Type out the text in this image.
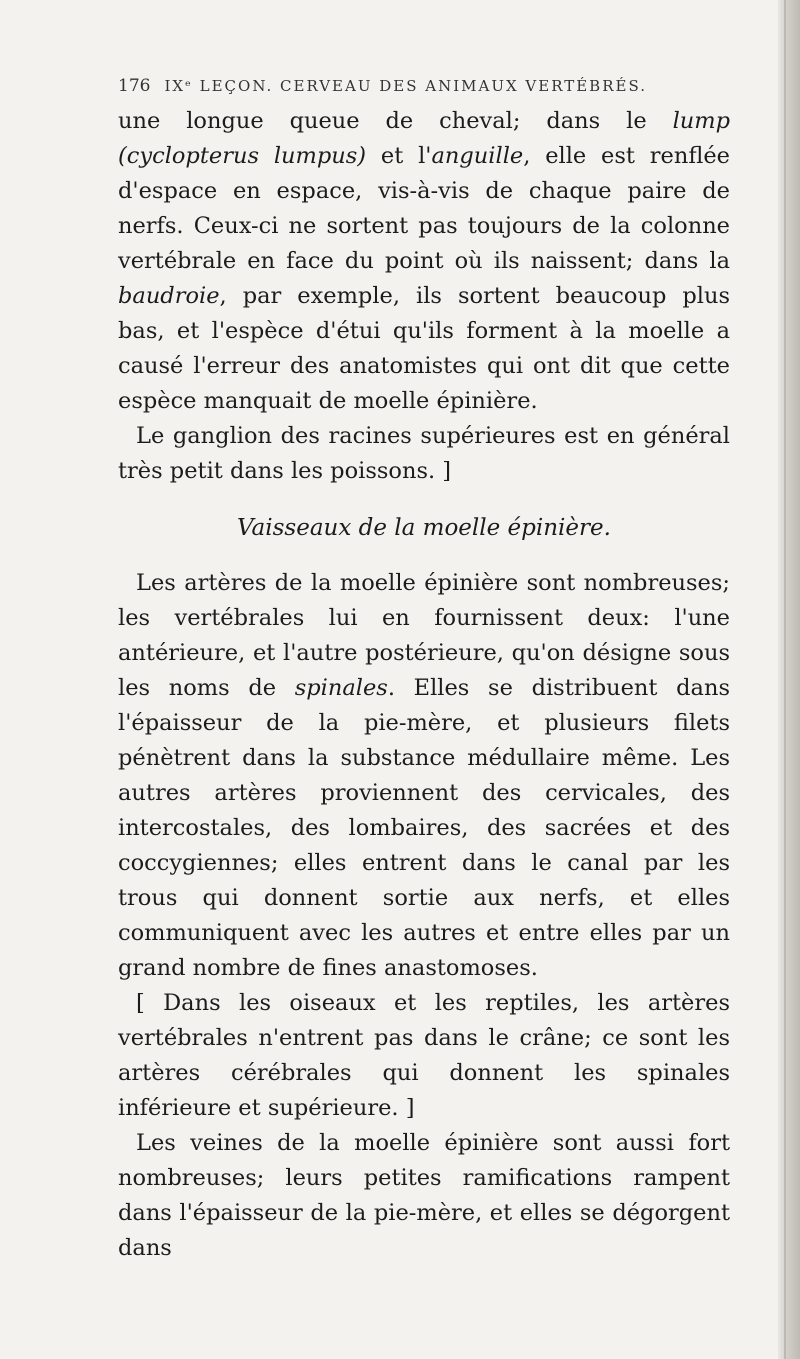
176 IXᵉ LEÇON. CERVEAU DES ANIMAUX VERTÉBRÉS.

une longue queue de cheval; dans le lump (cyclopterus lumpus) et l'anguille, elle est renflée d'espace en espace, vis-à-vis de chaque paire de nerfs. Ceux-ci ne sortent pas toujours de la colonne vertébrale en face du point où ils naissent; dans la baudroie, par exemple, ils sortent beaucoup plus bas, et l'espèce d'étui qu'ils forment à la moelle a causé l'erreur des anatomistes qui ont dit que cette espèce manquait de moelle épinière.

Le ganglion des racines supérieures est en général très petit dans les poissons. ]

Vaisseaux de la moelle épinière.

Les artères de la moelle épinière sont nombreuses; les vertébrales lui en fournissent deux: l'une antérieure, et l'autre postérieure, qu'on désigne sous les noms de spinales. Elles se distribuent dans l'épaisseur de la pie-mère, et plusieurs filets pénètrent dans la substance médullaire même. Les autres artères proviennent des cervicales, des intercostales, des lombaires, des sacrées et des coccygiennes; elles entrent dans le canal par les trous qui donnent sortie aux nerfs, et elles communiquent avec les autres et entre elles par un grand nombre de fines anastomoses.

[ Dans les oiseaux et les reptiles, les artères vertébrales n'entrent pas dans le crâne; ce sont les artères cérébrales qui donnent les spinales inférieure et supérieure. ]

Les veines de la moelle épinière sont aussi fort nombreuses; leurs petites ramifications rampent dans l'épaisseur de la pie-mère, et elles se dégorgent dans
